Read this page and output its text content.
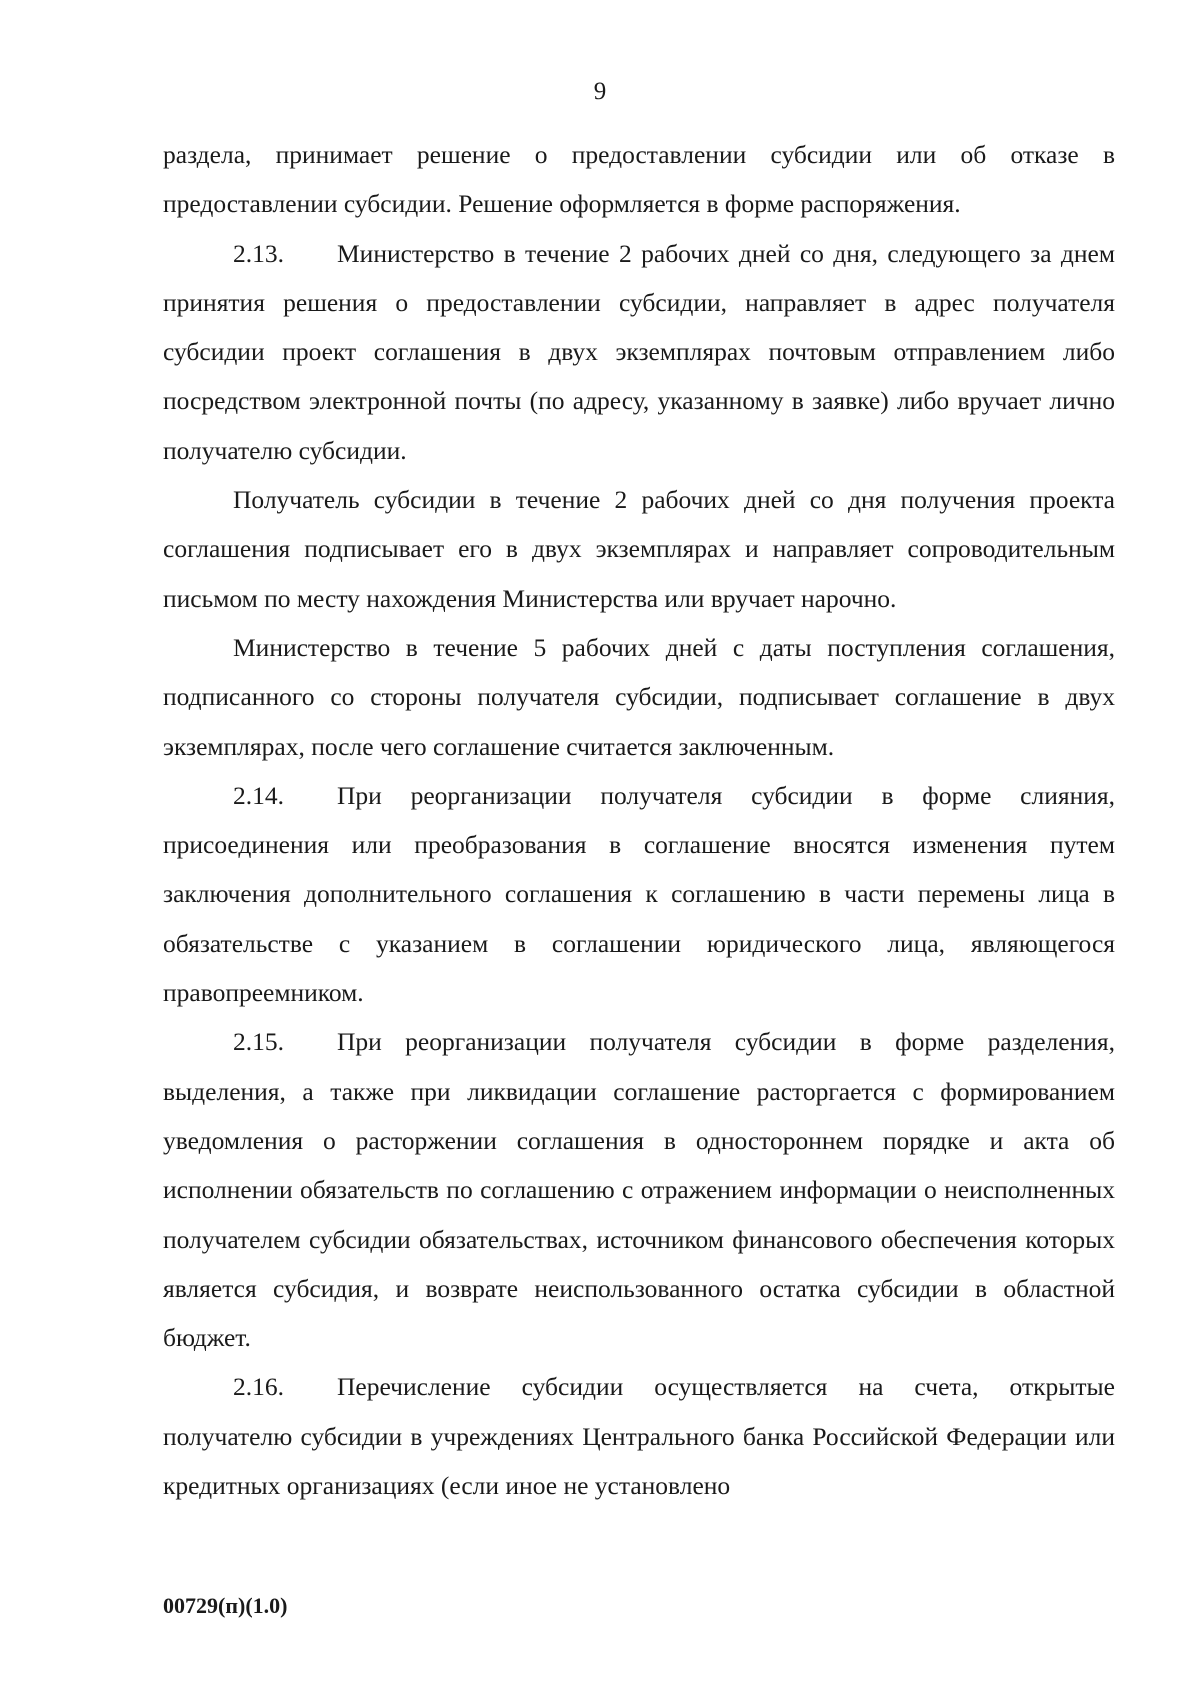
9

раздела, принимает решение о предоставлении субсидии или об отказе в предоставлении субсидии. Решение оформляется в форме распоряжения.

2.13. Министерство в течение 2 рабочих дней со дня, следующего за днем принятия решения о предоставлении субсидии, направляет в адрес получателя субсидии проект соглашения в двух экземплярах почтовым отправлением либо посредством электронной почты (по адресу, указанному в заявке) либо вручает лично получателю субсидии.

Получатель субсидии в течение 2 рабочих дней со дня получения проекта соглашения подписывает его в двух экземплярах и направляет сопроводительным письмом по месту нахождения Министерства или вручает нарочно.

Министерство в течение 5 рабочих дней с даты поступления соглашения, подписанного со стороны получателя субсидии, подписывает соглашение в двух экземплярах, после чего соглашение считается заключенным.

2.14. При реорганизации получателя субсидии в форме слияния, присоединения или преобразования в соглашение вносятся изменения путем заключения дополнительного соглашения к соглашению в части перемены лица в обязательстве с указанием в соглашении юридического лица, являющегося правопреемником.

2.15. При реорганизации получателя субсидии в форме разделения, выделения, а также при ликвидации соглашение расторгается с формированием уведомления о расторжении соглашения в одностороннем порядке и акта об исполнении обязательств по соглашению с отражением информации о неисполненных получателем субсидии обязательствах, источником финансового обеспечения которых является субсидия, и возврате неиспользованного остатка субсидии в областной бюджет.

2.16. Перечисление субсидии осуществляется на счета, открытые получателю субсидии в учреждениях Центрального банка Российской Федерации или кредитных организациях (если иное не установлено

00729(п)(1.0)
